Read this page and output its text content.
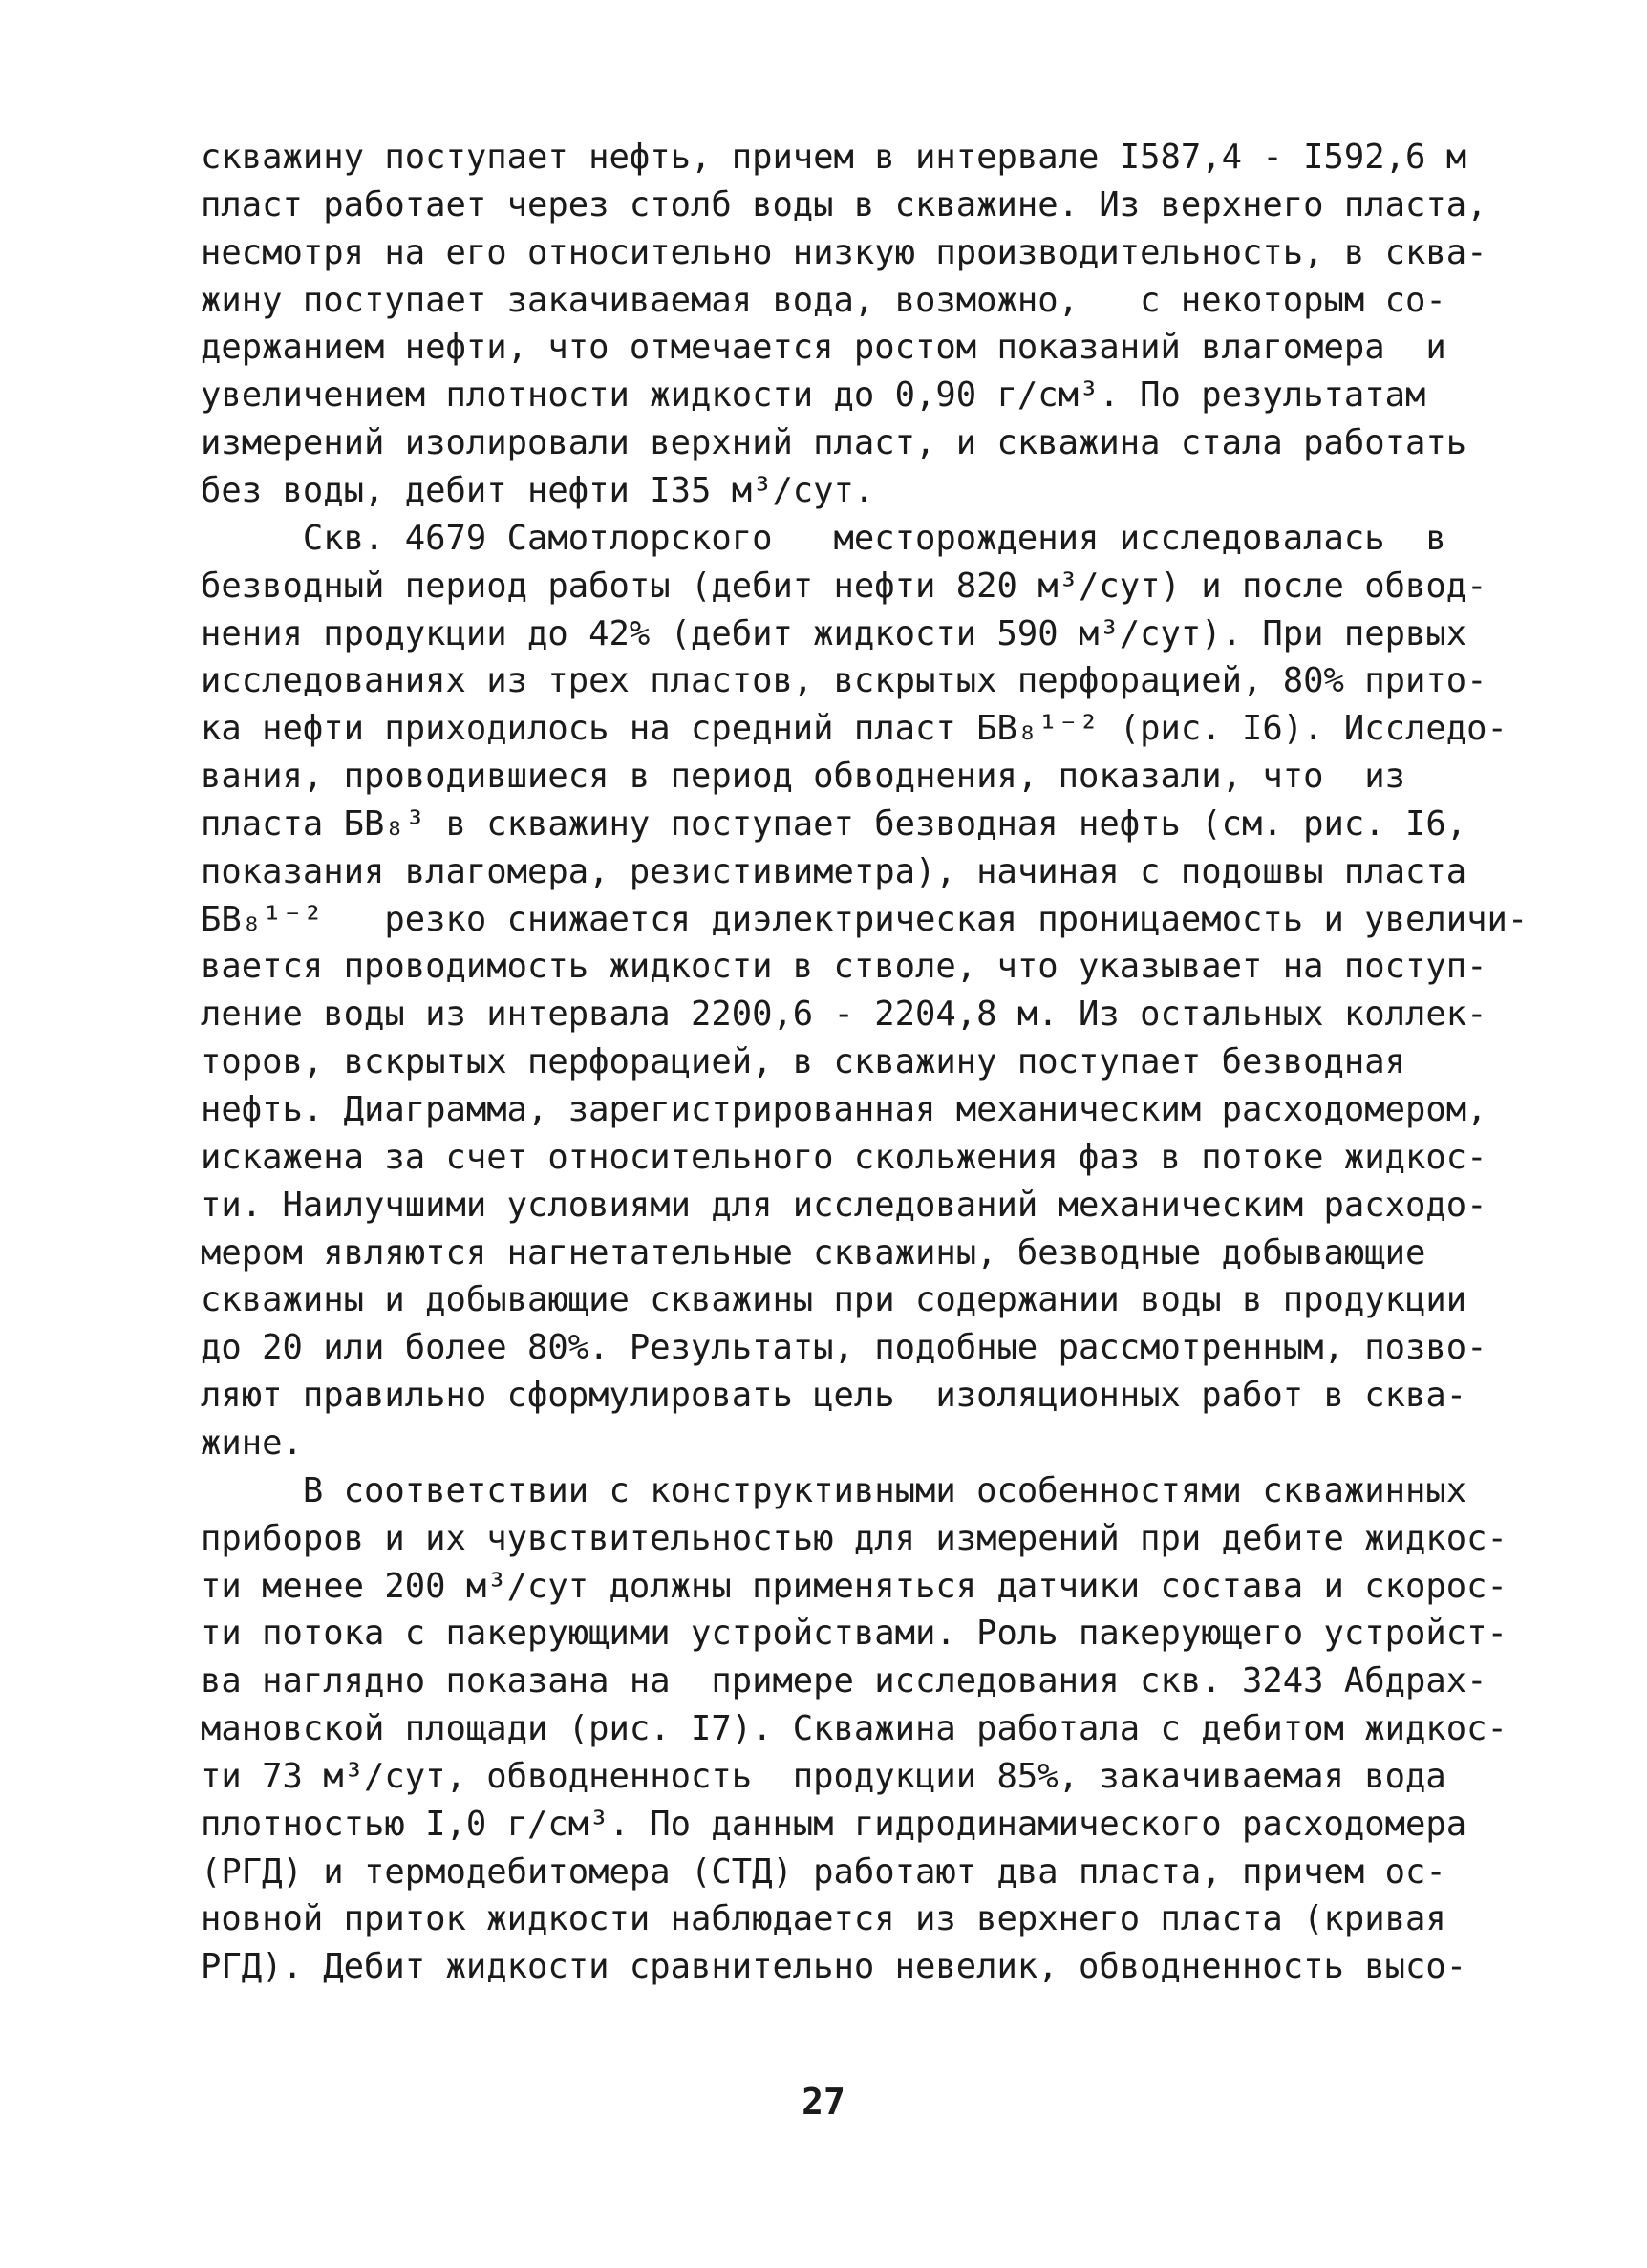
скважину поступает нефть, причем в интервале I587,4 - I592,6 м
пласт работает через столб воды в скважине. Из верхнего пласта,
несмотря на его относительно низкую производительность, в сква-
жину поступает закачиваемая вода, возможно,   с некоторым со-
держанием нефти, что отмечается ростом показаний влагомера  и
увеличением плотности жидкости до 0,90 г/см³. По результатам
измерений изолировали верхний пласт, и скважина стала работать
без воды, дебит нефти I35 м³/сут.
Скв. 4679 Самотлорского   месторождения исследовалась  в
безводный период работы (дебит нефти 820 м³/сут) и после обвод-
нения продукции до 42% (дебит жидкости 590 м³/сут). При первых
исследованиях из трех пластов, вскрытых перфорацией, 80% прито-
ка нефти приходилось на средний пласт БВ₈¹⁻² (рис. I6). Исследо-
вания, проводившиеся в период обводнения, показали, что  из
пласта БВ₈³ в скважину поступает безводная нефть (см. рис. I6,
показания влагомера, резистивиметра), начиная с подошвы пласта
БВ₈¹⁻²   резко снижается диэлектрическая проницаемость и увеличи-
вается проводимость жидкости в стволе, что указывает на поступ-
ление воды из интервала 2200,6 - 2204,8 м. Из остальных коллек-
торов, вскрытых перфорацией, в скважину поступает безводная
нефть. Диаграмма, зарегистрированная механическим расходомером,
искажена за счет относительного скольжения фаз в потоке жидкос-
ти. Наилучшими условиями для исследований механическим расходо-
мером являются нагнетательные скважины, безводные добывающие
скважины и добывающие скважины при содержании воды в продукции
до 20 или более 80%. Результаты, подобные рассмотренным, позво-
ляют правильно сформулировать цель  изоляционных работ в сква-
жине.
В соответствии с конструктивными особенностями скважинных
приборов и их чувствительностью для измерений при дебите жидкос-
ти менее 200 м³/сут должны применяться датчики состава и скорос-
ти потока с пакерующими устройствами. Роль пакерующего устройст-
ва наглядно показана на  примере исследования скв. 3243 Абдрах-
мановской площади (рис. I7). Скважина работала с дебитом жидкос-
ти 73 м³/сут, обводненность  продукции 85%, закачиваемая вода
плотностью I,0 г/см³. По данным гидродинамического расходомера
(РГД) и термодебитомера (СТД) работают два пласта, причем ос-
новной приток жидкости наблюдается из верхнего пласта (кривая
РГД). Дебит жидкости сравнительно невелик, обводненность высо-
27
